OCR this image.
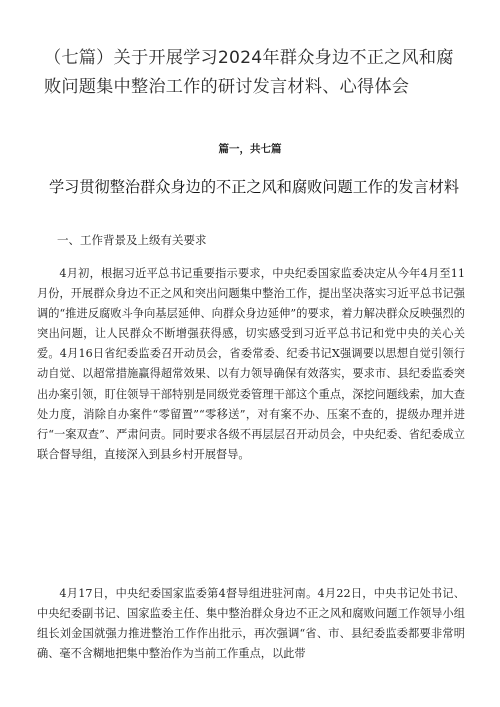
（七篇）关于开展学习2024年群众身边不正之风和腐败问题集中整治工作的研讨发言材料、心得体会
篇一，共七篇
学习贯彻整治群众身边的不正之风和腐败问题工作的发言材料
一、工作背景及上级有关要求

4月初，根据习近平总书记重要指示要求，中央纪委国家监委决定从今年4月至11月份，开展群众身边不正之风和突出问题集中整治工作，提出坚决落实习近平总书记强调的“推进反腐败斗争向基层延伸、向群众身边延伸”的要求，着力解决群众反映强烈的突出问题，让人民群众不断增强获得感，切实感受到习近平总书记和党中央的关心关爱。4月16日省纪委监委召开动员会，省委常委、纪委书记X强调要以思想自觉引领行动自觉、以超常措施赢得超常效果、以有力领导确保有效落实，要求市、县纪委监委突出办案引领，盯住领导干部特别是同级党委管理干部这个重点，深挖问题线索，加大查处力度，消除自办案件“零留置”“零移送”，对有案不办、压案不查的，提级办理并进行“一案双查”、严肃问责。同时要求各级不再层层召开动员会，中央纪委、省纪委成立联合督导组，直接深入到县乡村开展督导。

4月17日，中央纪委国家监委第4督导组进驻河南。4月22日，中央书记处书记、中央纪委副书记、国家监委主任、集中整治群众身边不正之风和腐败问题工作领导小组组长刘金国就强力推进整治工作作出批示，再次强调“省、市、县纪委监委都要非常明确、毫不含糊地把集中整治作为当前工作重点，以此带
